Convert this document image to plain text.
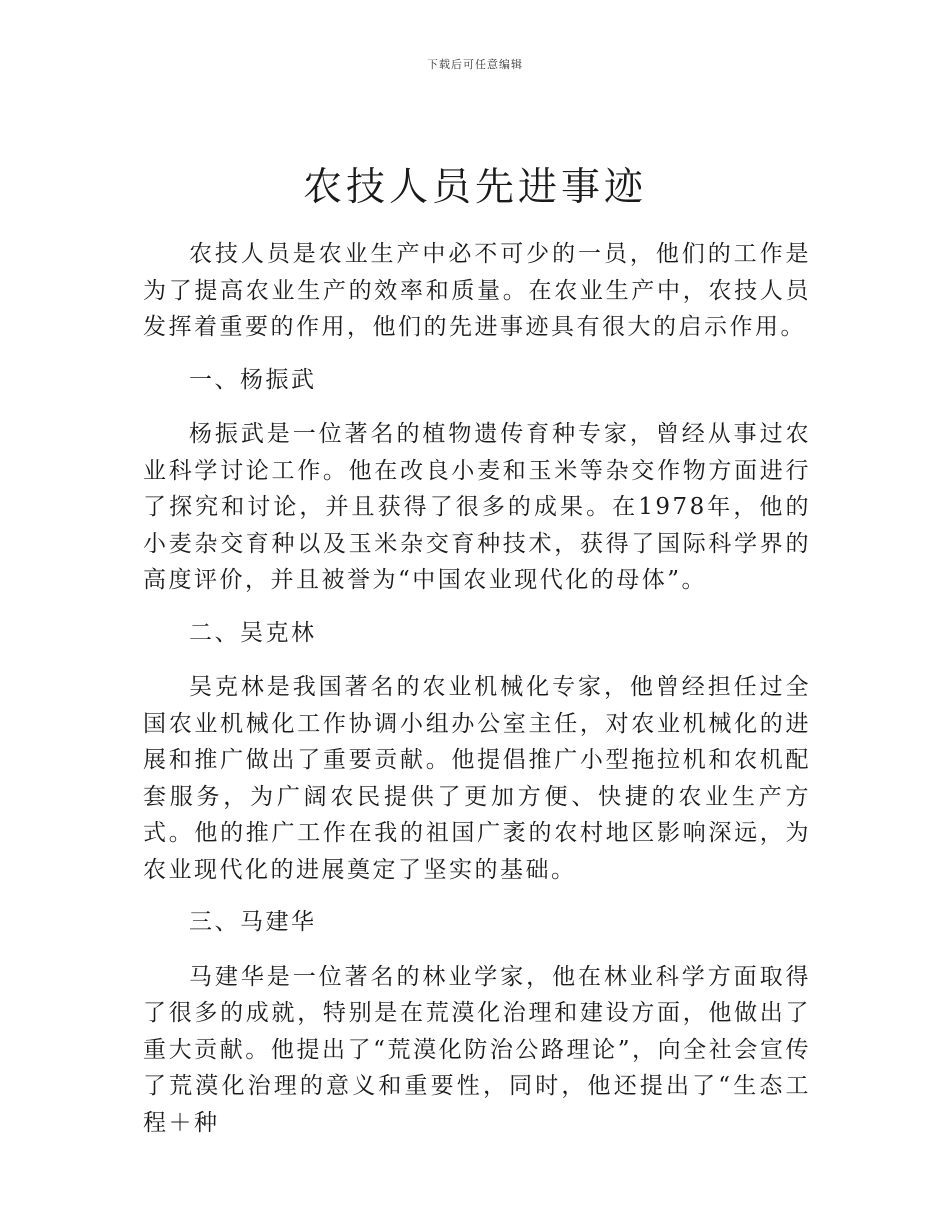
下载后可任意编辑
农技人员先进事迹

农技人员是农业生产中必不可少的一员，他们的工作是为了提高农业生产的效率和质量。在农业生产中，农技人员发挥着重要的作用，他们的先进事迹具有很大的启示作用。

一、杨振武

杨振武是一位著名的植物遗传育种专家，曾经从事过农业科学讨论工作。他在改良小麦和玉米等杂交作物方面进行了探究和讨论，并且获得了很多的成果。在1978年，他的小麦杂交育种以及玉米杂交育种技术，获得了国际科学界的高度评价，并且被誉为“中国农业现代化的母体”。

二、吴克林

吴克林是我国著名的农业机械化专家，他曾经担任过全国农业机械化工作协调小组办公室主任，对农业机械化的进展和推广做出了重要贡献。他提倡推广小型拖拉机和农机配套服务，为广阔农民提供了更加方便、快捷的农业生产方式。他的推广工作在我的祖国广袤的农村地区影响深远，为农业现代化的进展奠定了坚实的基础。

三、马建华

马建华是一位著名的林业学家，他在林业科学方面取得了很多的成就，特别是在荒漠化治理和建设方面，他做出了重大贡献。他提出了“荒漠化防治公路理论”，向全社会宣传了荒漠化治理的意义和重要性，同时，他还提出了“生态工程＋种
